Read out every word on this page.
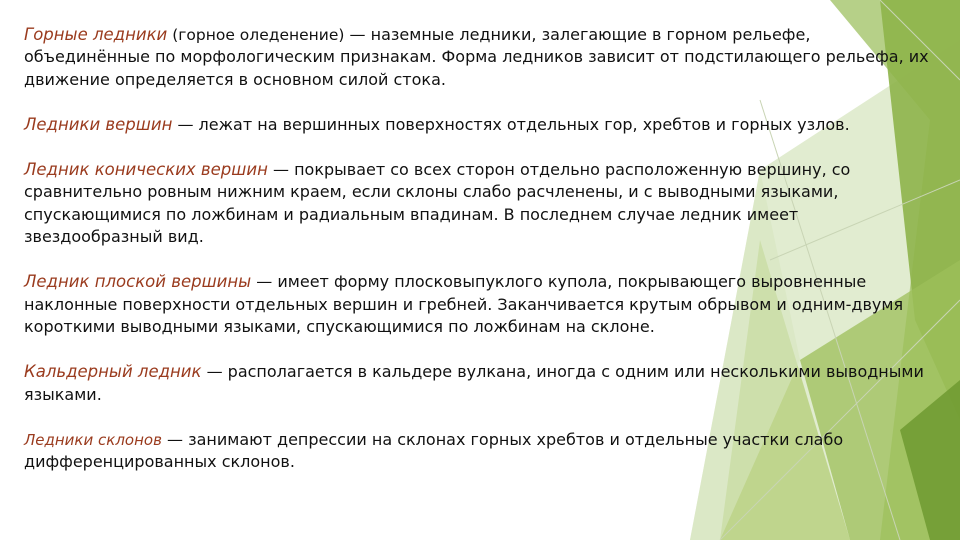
Горные ледники (горное оледенение) — наземные ледники, залегающие в горном рельефе, объединённые по морфологическим признакам. Форма ледников зависит от подстилающего рельефа, их движение определяется в основном силой стока.

Ледники вершин — лежат на вершинных поверхностях отдельных гор, хребтов и горных узлов.

Ледник конических вершин — покрывает со всех сторон отдельно расположенную вершину, со сравнительно ровным нижним краем, если склоны слабо расчленены, и с выводными языками, спускающимися по ложбинам и радиальным впадинам. В последнем случае ледник имеет звездообразный вид.

Ледник плоской вершины — имеет форму плосковыпуклого купола, покрывающего выровненные наклонные поверхности отдельных вершин и гребней. Заканчивается крутым обрывом и одним-двумя короткими выводными языками, спускающимися по ложбинам на склоне.

Кальдерный ледник — располагается в кальдере вулкана, иногда с одним или несколькими выводными языками.

Ледники склонов — занимают депрессии на склонах горных хребтов и отдельные участки слабо дифференцированных склонов.
